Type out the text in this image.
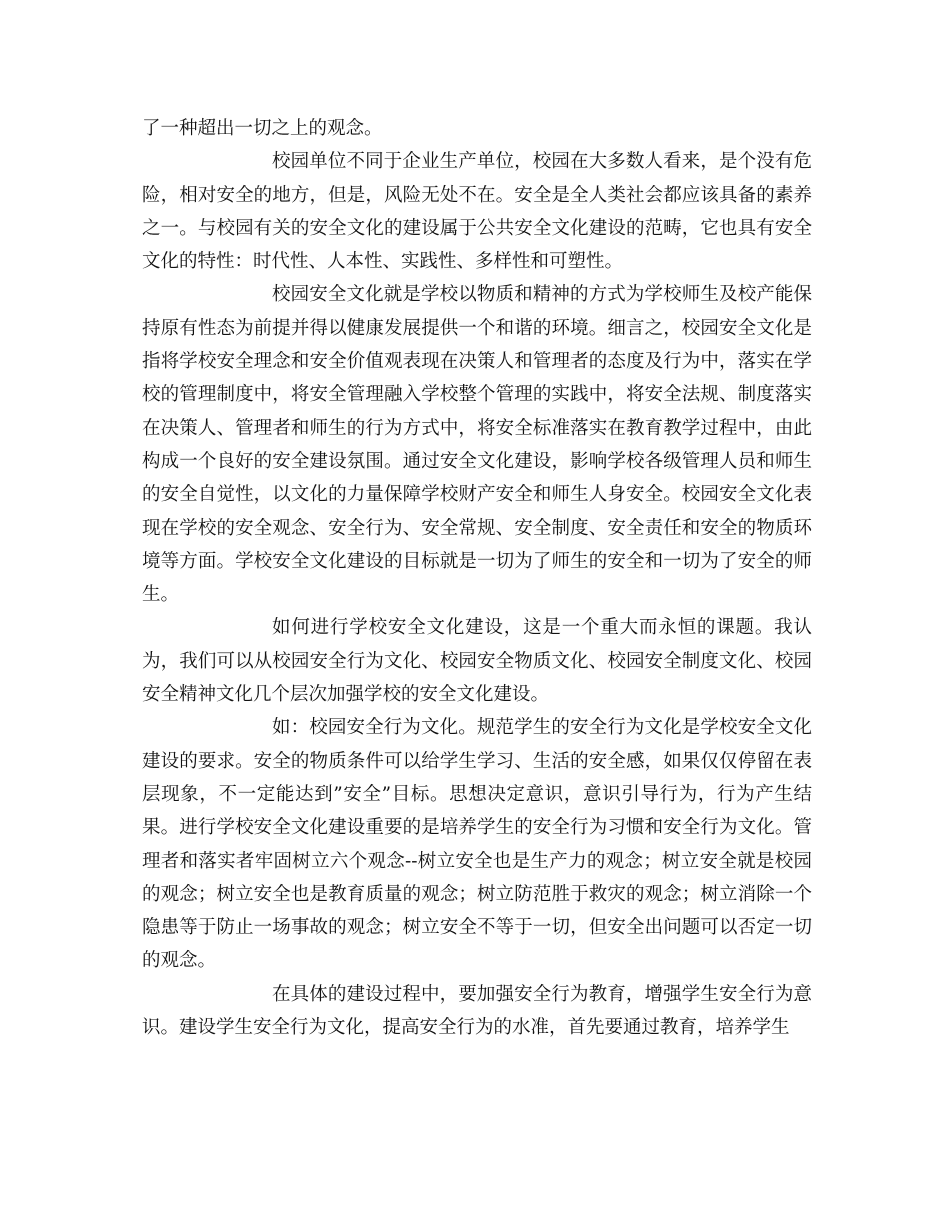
了一种超出一切之上的观念。

校园单位不同于企业生产单位，校园在大多数人看来，是个没有危险，相对安全的地方，但是，风险无处不在。安全是全人类社会都应该具备的素养之一。与校园有关的安全文化的建设属于公共安全文化建设的范畴，它也具有安全文化的特性：时代性、人本性、实践性、多样性和可塑性。

校园安全文化就是学校以物质和精神的方式为学校师生及校产能保持原有性态为前提并得以健康发展提供一个和谐的环境。细言之，校园安全文化是指将学校安全理念和安全价值观表现在决策人和管理者的态度及行为中，落实在学校的管理制度中，将安全管理融入学校整个管理的实践中，将安全法规、制度落实在决策人、管理者和师生的行为方式中，将安全标准落实在教育教学过程中，由此构成一个良好的安全建设氛围。通过安全文化建设，影响学校各级管理人员和师生的安全自觉性，以文化的力量保障学校财产安全和师生人身安全。校园安全文化表现在学校的安全观念、安全行为、安全常规、安全制度、安全责任和安全的物质环境等方面。学校安全文化建设的目标就是一切为了师生的安全和一切为了安全的师生。

如何进行学校安全文化建设，这是一个重大而永恒的课题。我认为，我们可以从校园安全行为文化、校园安全物质文化、校园安全制度文化、校园安全精神文化几个层次加强学校的安全文化建设。

如：校园安全行为文化。规范学生的安全行为文化是学校安全文化建设的要求。安全的物质条件可以给学生学习、生活的安全感，如果仅仅停留在表层现象，不一定能达到”安全”目标。思想决定意识，意识引导行为，行为产生结果。进行学校安全文化建设重要的是培养学生的安全行为习惯和安全行为文化。管理者和落实者牢固树立六个观念--树立安全也是生产力的观念；树立安全就是校园的观念；树立安全也是教育质量的观念；树立防范胜于救灾的观念；树立消除一个隐患等于防止一场事故的观念；树立安全不等于一切，但安全出问题可以否定一切的观念。

在具体的建设过程中，要加强安全行为教育，增强学生安全行为意识。建设学生安全行为文化，提高安全行为的水准，首先要通过教育，培养学生
